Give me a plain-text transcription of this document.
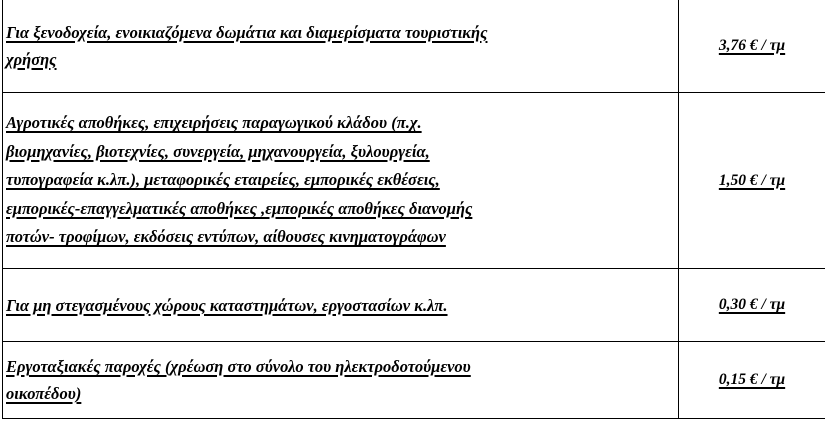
Για ξενοδοχεία, ενοικιαζόμενα δωμάτια και διαμερίσματα τουριστικής
χρήσης	3,76 € / τμ

Αγροτικές αποθήκες, επιχειρήσεις παραγωγικού κλάδου (π.χ.
βιομηχανίες, βιοτεχνίες, συνεργεία, μηχανουργεία, ξυλουργεία,
τυπογραφεία κ.λπ.), μεταφορικές εταιρείες, εμπορικές εκθέσεις,
εμπορικές-επαγγελματικές αποθήκες ,εμπορικές αποθήκες διανομής
ποτών- τροφίμων, εκδόσεις εντύπων, αίθουσες κινηματογράφων	1,50 € / τμ

Για μη στεγασμένους χώρους καταστημάτων, εργοστασίων κ.λπ.	0,30 € / τμ

Εργοταξιακές παροχές (χρέωση στο σύνολο του ηλεκτροδοτούμενου
οικοπέδου)	0,15 € / τμ
